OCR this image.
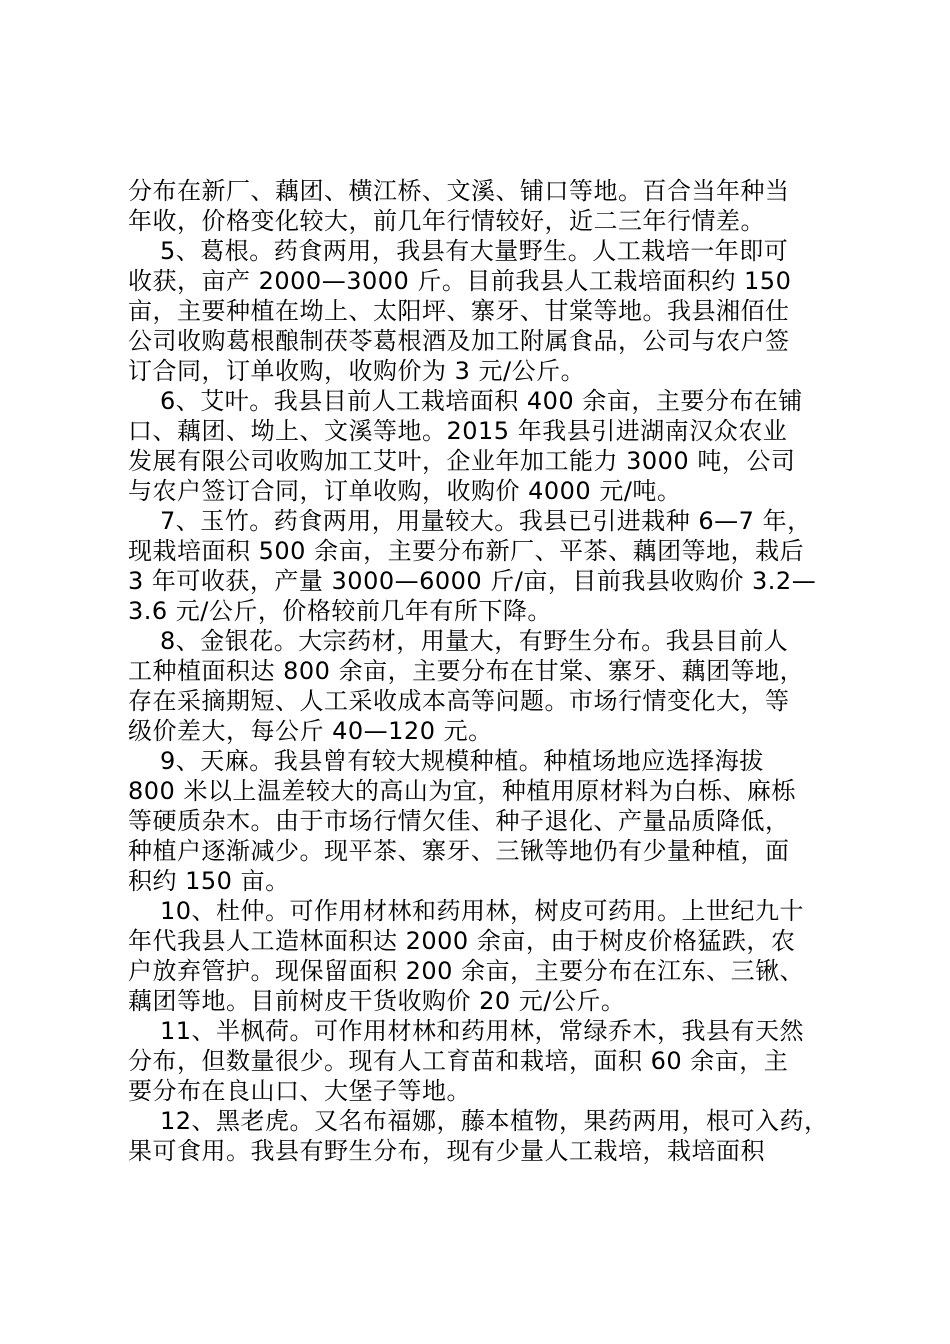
分布在新厂、藕团、横江桥、文溪、铺口等地。百合当年种当
年收，价格变化较大，前几年行情较好，近二三年行情差。
5、葛根。药食两用，我县有大量野生。人工栽培一年即可
收获，亩产 2000—3000 斤。目前我县人工栽培面积约 150
亩，主要种植在坳上、太阳坪、寨牙、甘棠等地。我县湘佰仕
公司收购葛根酿制茯苓葛根酒及加工附属食品，公司与农户签
订合同，订单收购，收购价为 3 元/公斤。
6、艾叶。我县目前人工栽培面积 400 余亩，主要分布在铺
口、藕团、坳上、文溪等地。2015 年我县引进湖南汉众农业
发展有限公司收购加工艾叶，企业年加工能力 3000 吨，公司
与农户签订合同，订单收购，收购价 4000 元/吨。
7、玉竹。药食两用，用量较大。我县已引进栽种 6—7 年，
现栽培面积 500 余亩，主要分布新厂、平茶、藕团等地，栽后
3 年可收获，产量 3000—6000 斤/亩，目前我县收购价 3.2—
3.6 元/公斤，价格较前几年有所下降。
8、金银花。大宗药材，用量大，有野生分布。我县目前人
工种植面积达 800 余亩，主要分布在甘棠、寨牙、藕团等地，
存在采摘期短、人工采收成本高等问题。市场行情变化大，等
级价差大，每公斤 40—120 元。
9、天麻。我县曾有较大规模种植。种植场地应选择海拔
800 米以上温差较大的高山为宜，种植用原材料为白栎、麻栎
等硬质杂木。由于市场行情欠佳、种子退化、产量品质降低，
种植户逐渐减少。现平茶、寨牙、三锹等地仍有少量种植，面
积约 150 亩。
10、杜仲。可作用材林和药用林，树皮可药用。上世纪九十
年代我县人工造林面积达 2000 余亩，由于树皮价格猛跌，农
户放弃管护。现保留面积 200 余亩，主要分布在江东、三锹、
藕团等地。目前树皮干货收购价 20 元/公斤。
11、半枫荷。可作用材林和药用林，常绿乔木，我县有天然
分布，但数量很少。现有人工育苗和栽培，面积 60 余亩，主
要分布在良山口、大堡子等地。
12、黑老虎。又名布福娜，藤本植物，果药两用，根可入药，
果可食用。我县有野生分布，现有少量人工栽培，栽培面积
